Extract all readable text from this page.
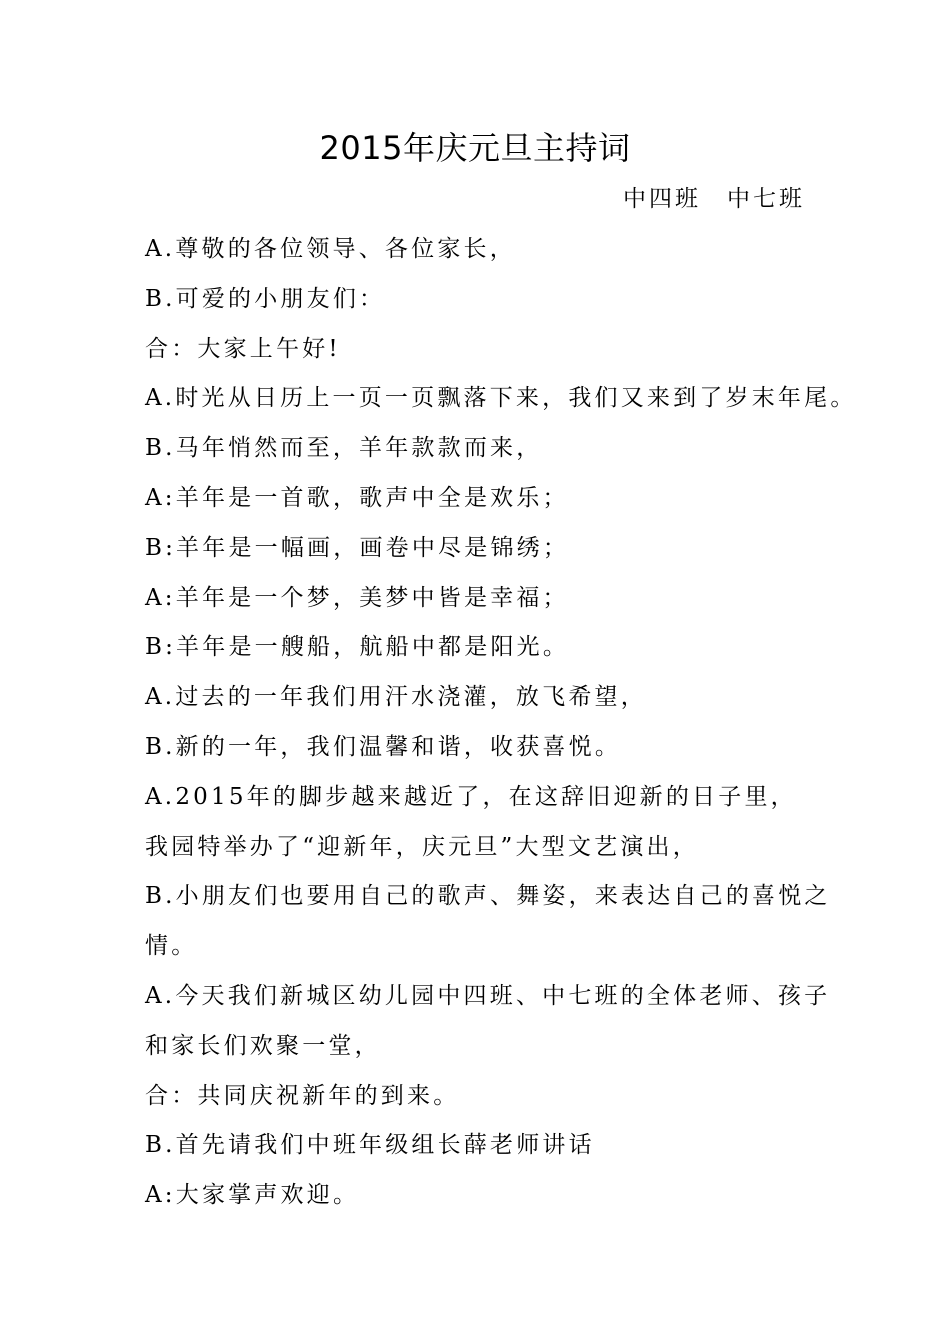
2015年庆元旦主持词
中四班　中七班
A.尊敬的各位领导、各位家长，
B.可爱的小朋友们：
合：大家上午好!
A.时光从日历上一页一页飘落下来，我们又来到了岁末年尾。
B.马年悄然而至，羊年款款而来，
A:羊年是一首歌，歌声中全是欢乐；
B:羊年是一幅画，画卷中尽是锦绣；
A:羊年是一个梦，美梦中皆是幸福；
B:羊年是一艘船，航船中都是阳光。
A.过去的一年我们用汗水浇灌，放飞希望，
B.新的一年，我们温馨和谐，收获喜悦。
A.2015年的脚步越来越近了，在这辞旧迎新的日子里，
我园特举办了“迎新年，庆元旦”大型文艺演出，
B.小朋友们也要用自己的歌声、舞姿，来表达自己的喜悦之
情。
A.今天我们新城区幼儿园中四班、中七班的全体老师、孩子
和家长们欢聚一堂，
合：共同庆祝新年的到来。
B.首先请我们中班年级组长薛老师讲话
A:大家掌声欢迎。
